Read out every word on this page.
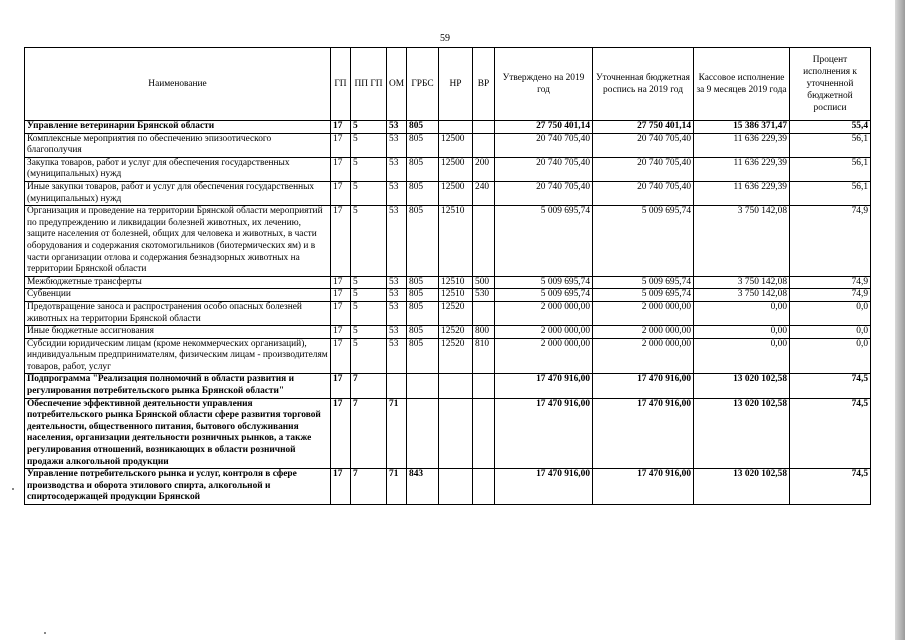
59
Наименование	ГП	ПП ГП	ОМ	ГРБС	НР	ВР	Утверждено на 2019 год	Уточненная бюджетная роспись на 2019 год	Кассовое исполнение за 9 месяцев 2019 года	Процент исполнения к уточненной бюджетной росписи
Управление ветеринарии Брянской области	17	5	53	805			27 750 401,14	27 750 401,14	15 386 371,47	55,4
Комплексные мероприятия по обеспечению эпизоотического благополучия	17	5	53	805	12500		20 740 705,40	20 740 705,40	11 636 229,39	56,1
Закупка товаров, работ и услуг для обеспечения государственных (муниципальных) нужд	17	5	53	805	12500	200	20 740 705,40	20 740 705,40	11 636 229,39	56,1
Иные закупки товаров, работ и услуг для обеспечения государственных (муниципальных) нужд	17	5	53	805	12500	240	20 740 705,40	20 740 705,40	11 636 229,39	56,1
Организация и проведение на территории Брянской области мероприятий по предупреждению и ликвидации болезней животных, их лечению, защите населения от болезней, общих для человека и животных, в части оборудования и содержания скотомогильников (биотермических ям) и в части организации отлова и содержания безнадзорных животных на территории Брянской области	17	5	53	805	12510		5 009 695,74	5 009 695,74	3 750 142,08	74,9
Межбюджетные трансферты	17	5	53	805	12510	500	5 009 695,74	5 009 695,74	3 750 142,08	74,9
Субвенции	17	5	53	805	12510	530	5 009 695,74	5 009 695,74	3 750 142,08	74,9
Предотвращение заноса и распространения особо опасных болезней животных на территории Брянской области	17	5	53	805	12520		2 000 000,00	2 000 000,00	0,00	0,0
Иные бюджетные ассигнования	17	5	53	805	12520	800	2 000 000,00	2 000 000,00	0,00	0,0
Субсидии юридическим лицам (кроме некоммерческих организаций), индивидуальным предпринимателям, физическим лицам - производителям товаров, работ, услуг	17	5	53	805	12520	810	2 000 000,00	2 000 000,00	0,00	0,0
Подпрограмма "Реализация полномочий в области развития и регулирования потребительского рынка Брянской области"	17	7					17 470 916,00	17 470 916,00	13 020 102,58	74,5
Обеспечение эффективной деятельности управления потребительского рынка Брянской области сфере развития торговой деятельности, общественного питания, бытового обслуживания населения, организации деятельности розничных рынков, а также регулирования отношений, возникающих в области розничной продажи алкогольной продукции	17	7	71				17 470 916,00	17 470 916,00	13 020 102,58	74,5
Управление потребительского рынка и услуг, контроля в сфере производства и оборота этилового спирта, алкогольной и спиртосодержащей продукции Брянской	17	7	71	843			17 470 916,00	17 470 916,00	13 020 102,58	74,5
